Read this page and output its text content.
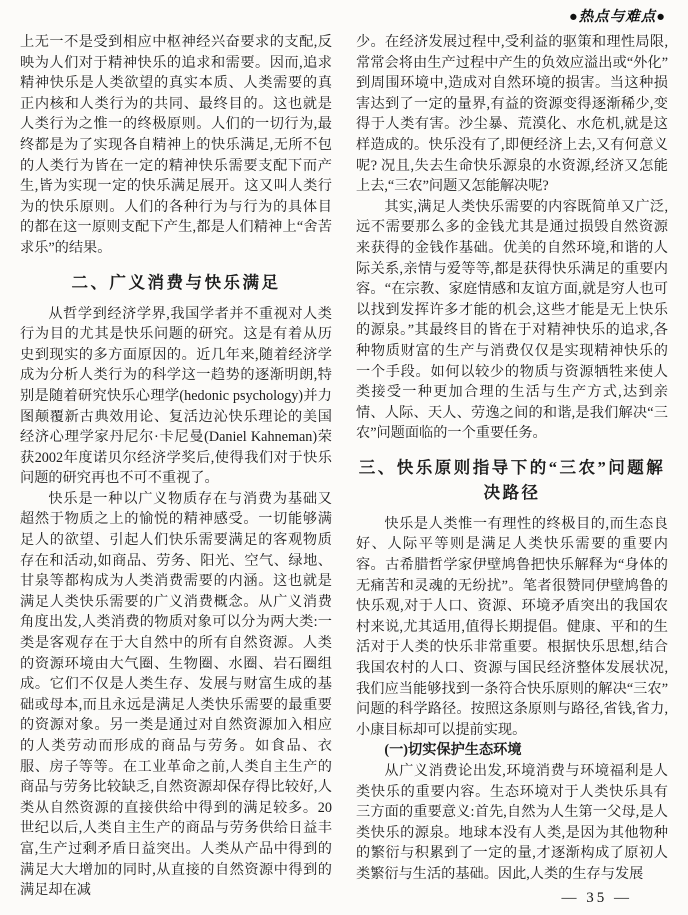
●热点与难点●

上无一不是受到相应中枢神经兴奋要求的支配,反映为人们对于精神快乐的追求和需要。因而,追求精神快乐是人类欲望的真实本质、人类需要的真正内核和人类行为的共同、最终目的。这也就是人类行为之惟一的终极原则。人们的一切行为,最终都是为了实现各自精神上的快乐满足,无所不包的人类行为皆在一定的精神快乐需要支配下而产生,皆为实现一定的快乐满足展开。这又叫人类行为的快乐原则。人们的各种行为与行为的具体目的都在这一原则支配下产生,都是人们精神上“舍苦求乐”的结果。

二、广义消费与快乐满足

从哲学到经济学界,我国学者并不重视对人类行为目的尤其是快乐问题的研究。这是有着从历史到现实的多方面原因的。近几年来,随着经济学成为分析人类行为的科学这一趋势的逐渐明朗,特别是随着研究快乐心理学(hedonic psychology)并力图颠覆新古典效用论、复活边沁快乐理论的美国经济心理学家丹尼尔·卡尼曼(Daniel Kahneman)荣获2002年度诺贝尔经济学奖后,使得我们对于快乐问题的研究再也不可不重视了。

快乐是一种以广义物质存在与消费为基础又超然于物质之上的愉悦的精神感受。一切能够满足人的欲望、引起人们快乐需要满足的客观物质存在和活动,如商品、劳务、阳光、空气、绿地、甘泉等都构成为人类消费需要的内涵。这也就是满足人类快乐需要的广义消费概念。从广义消费角度出发,人类消费的物质对象可以分为两大类:一类是客观存在于大自然中的所有自然资源。人类的资源环境由大气圈、生物圈、水圈、岩石圈组成。它们不仅是人类生存、发展与财富生成的基础或母本,而且永远是满足人类快乐需要的最重要的资源对象。另一类是通过对自然资源加入相应的人类劳动而形成的商品与劳务。如食品、衣服、房子等等。在工业革命之前,人类自主生产的商品与劳务比较缺乏,自然资源却保存得比较好,人类从自然资源的直接供给中得到的满足较多。20世纪以后,人类自主生产的商品与劳务供给日益丰富,生产过剩矛盾日益突出。人类从产品中得到的满足大大增加的同时,从直接的自然资源中得到的满足却在减

少。在经济发展过程中,受利益的驱策和理性局限,常常会将由生产过程中产生的负效应溢出或“外化”到周围环境中,造成对自然环境的损害。当这种损害达到了一定的量界,有益的资源变得逐渐稀少,变得于人类有害。沙尘暴、荒漠化、水危机,就是这样造成的。快乐没有了,即便经济上去,又有何意义呢? 况且,失去生命快乐源泉的水资源,经济又怎能上去,“三农”问题又怎能解决呢?

其实,满足人类快乐需要的内容既简单又广泛,远不需要那么多的金钱尤其是通过损毁自然资源来获得的金钱作基础。优美的自然环境,和谐的人际关系,亲情与爱等等,都是获得快乐满足的重要内容。“在宗教、家庭情感和友谊方面,就是穷人也可以找到发挥许多才能的机会,这些才能是无上快乐的源泉。”其最终目的皆在于对精神快乐的追求,各种物质财富的生产与消费仅仅是实现精神快乐的一个手段。如何以较少的物质与资源牺牲来使人类接受一种更加合理的生活与生产方式,达到亲情、人际、天人、劳逸之间的和谐,是我们解决“三农”问题面临的一个重要任务。

三、快乐原则指导下的“三农”问题解决路径

快乐是人类惟一有理性的终极目的,而生态良好、人际平等则是满足人类快乐需要的重要内容。古希腊哲学家伊壁鸠鲁把快乐解释为“身体的无痛苦和灵魂的无纷扰”。笔者很赞同伊壁鸠鲁的快乐观,对于人口、资源、环境矛盾突出的我国农村来说,尤其适用,值得长期提倡。健康、平和的生活对于人类的快乐非常重要。根据快乐思想,结合我国农村的人口、资源与国民经济整体发展状况,我们应当能够找到一条符合快乐原则的解决“三农”问题的科学路径。按照这条原则与路径,省钱,省力,小康目标却可以提前实现。

(一)切实保护生态环境

从广义消费论出发,环境消费与环境福利是人类快乐的重要内容。生态环境对于人类快乐具有三方面的重要意义:首先,自然为人生第一父母,是人类快乐的源泉。地球本没有人类,是因为其他物种的繁衍与积累到了一定的量,才逐渐构成了原初人类繁衍与生活的基础。因此,人类的生存与发展

— 35 —
